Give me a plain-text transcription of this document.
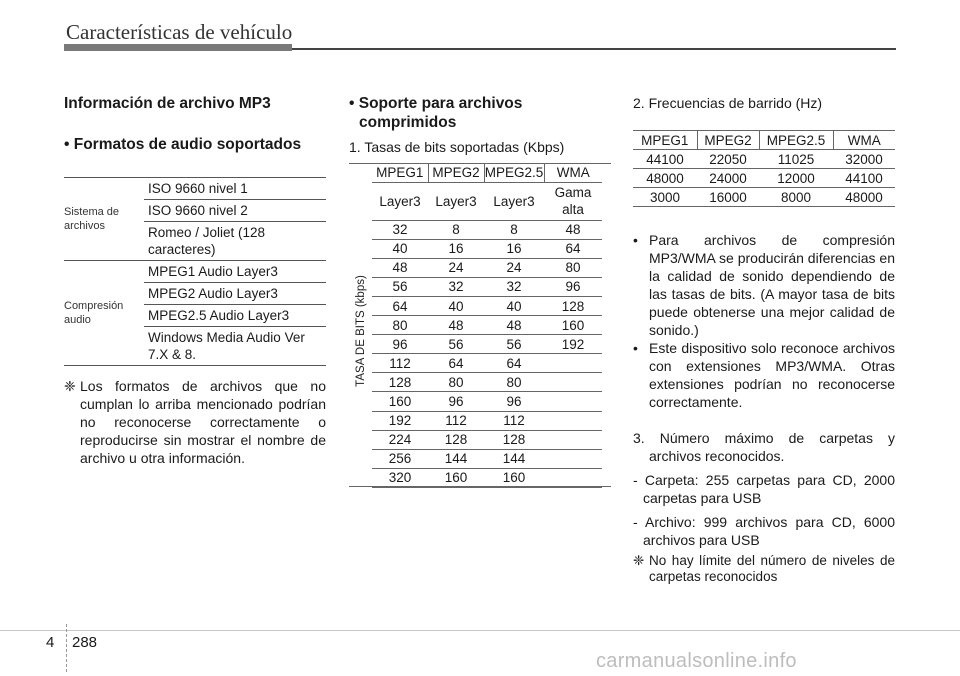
Características de vehículo
Información de archivo MP3
• Formatos de audio soportados
Sistema de archivos	ISO 9660 nivel 1
	ISO 9660 nivel 2
	Romeo / Joliet (128 caracteres)
Compresión audio	MPEG1 Audio Layer3
	MPEG2 Audio Layer3
	MPEG2.5 Audio Layer3
	Windows Media Audio Ver 7.X & 8.
❈ Los formatos de archivos que no cumplan lo arriba mencionado podrían no reconocerse correctamente o reproducirse sin mostrar el nombre de archivo u otra información.
• Soporte para archivos
comprimidos
1. Tasas de bits soportadas (Kbps)
TASA DE BITS (kbps)
MPEG1	MPEG2	MPEG2.5	WMA
Layer3	Layer3	Layer3	Gama alta
32	8	8	48
40	16	16	64
48	24	24	80
56	32	32	96
64	40	40	128
80	48	48	160
96	56	56	192
112	64	64	
128	80	80	
160	96	96	
192	112	112	
224	128	128	
256	144	144	
320	160	160	
2. Frecuencias de barrido (Hz)
MPEG1	MPEG2	MPEG2.5	WMA
44100	22050	11025	32000
48000	24000	12000	44100
3000	16000	8000	48000
• Para archivos de compresión MP3/WMA se producirán diferencias en la calidad de sonido dependiendo de las tasas de bits. (A mayor tasa de bits puede obtenerse una mejor calidad de sonido.)
• Este dispositivo solo reconoce archivos con extensiones MP3/WMA. Otras extensiones podrían no reconocerse correctamente.
3. Número máximo de carpetas y archivos reconocidos.
- Carpeta: 255 carpetas para CD, 2000 carpetas para USB
- Archivo: 999 archivos para CD, 6000 archivos para USB
❈ No hay límite del número de niveles de carpetas reconocidos
4 288
carmanualsonline.info
